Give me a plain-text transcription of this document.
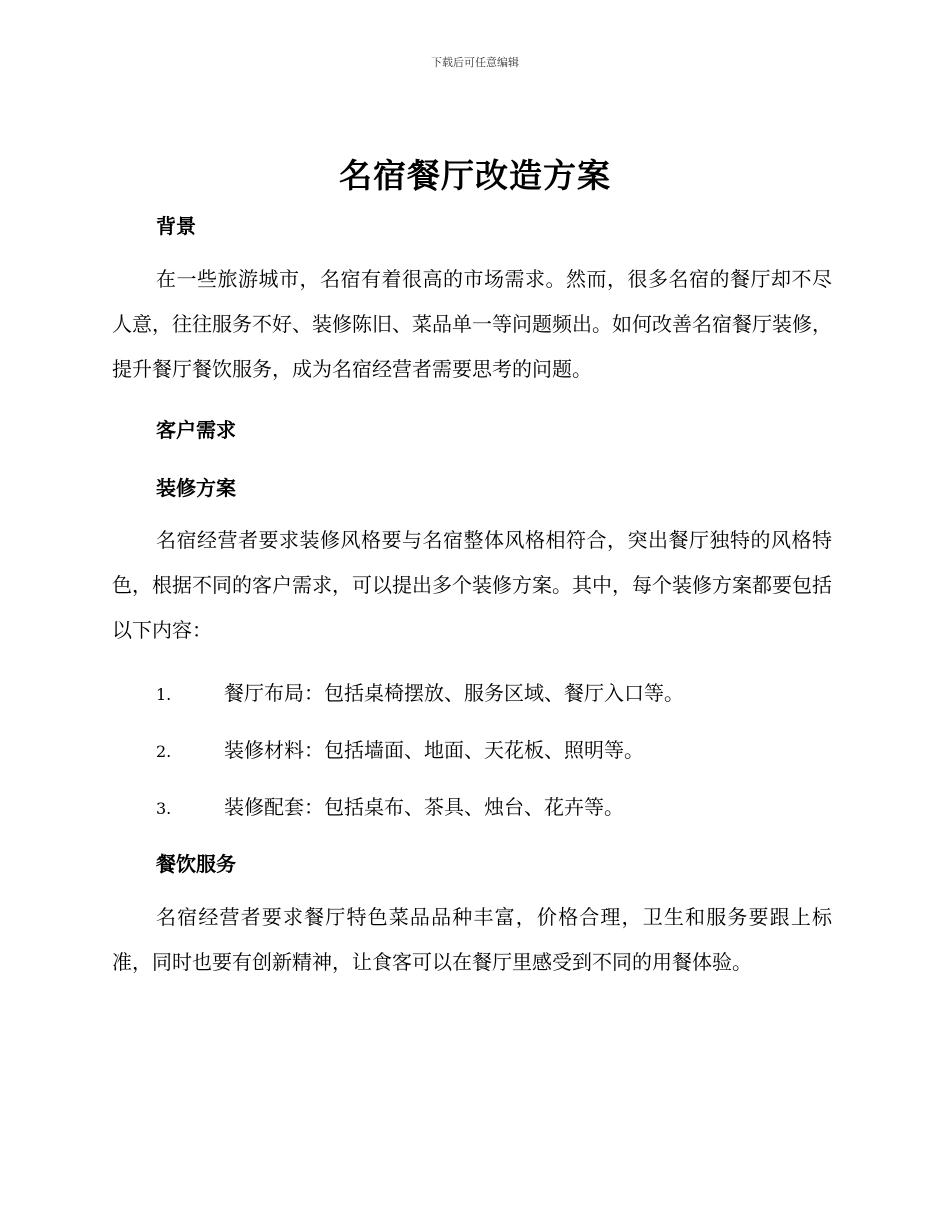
下载后可任意编辑
名宿餐厅改造方案
背景
在一些旅游城市，名宿有着很高的市场需求。然而，很多名宿的餐厅却不尽人意，往往服务不好、装修陈旧、菜品单一等问题频出。如何改善名宿餐厅装修，提升餐厅餐饮服务，成为名宿经营者需要思考的问题。
客户需求
装修方案
名宿经营者要求装修风格要与名宿整体风格相符合，突出餐厅独特的风格特色，根据不同的客户需求，可以提出多个装修方案。其中，每个装修方案都要包括以下内容：
1.	餐厅布局：包括桌椅摆放、服务区域、餐厅入口等。
2.	装修材料：包括墙面、地面、天花板、照明等。
3.	装修配套：包括桌布、茶具、烛台、花卉等。
餐饮服务
名宿经营者要求餐厅特色菜品品种丰富，价格合理，卫生和服务要跟上标准，同时也要有创新精神，让食客可以在餐厅里感受到不同的用餐体验。
